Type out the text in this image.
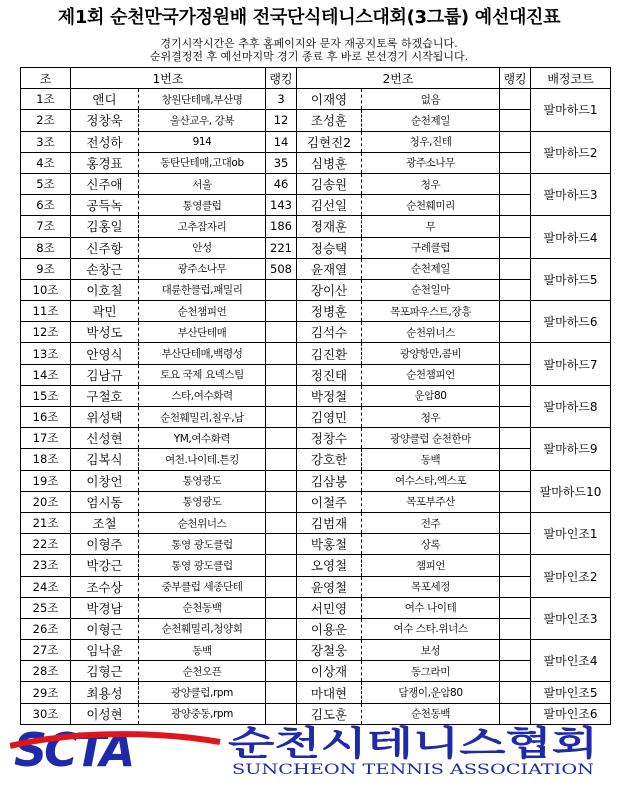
제1회 순천만국가정원배 전국단식테니스대회(3그룹) 예선대진표
경기시작시간은 추후 홈페이지와 문자 재공지토록 하겠습니다.
순위결정전 후 예선마지막 경기 종료 후 바로 본선경기 시작됩니다.
조	1번조		랭킹	2번조		랭킹	배정코트
1조	앤디	창원단테매,부산명	3	이재영	없음		팔마하드1
2조	정창욱	울산교우, 강북	12	조성훈	순천제일		
3조	전성하	914	14	김현진2	청우,진테		팔마하드2
4조	홍경표	동탄단테매,고대ob	35	심병훈	광주소나무		
5조	신주애	서울	46	김송원	청우		팔마하드3
6조	공득녹	통영클럽	143	김선일	순천훼미리		
7조	김홍일	고추잠자리	186	정재훈	무		팔마하드4
8조	신주항	안성	221	정승택	구례클럽		
9조	손창근	광주소나무	508	윤재열	순천제일		팔마하드5
10조	이호칠	대륜한클럽,패밀리		장이산	순천일마		
11조	곽민	순천챔피언		정병훈	목포파우스트,장흥		팔마하드6
12조	박성도	부산단테매		김석수	순천위너스		
13조	안영식	부산단테매,백령성		김진환	광양항만,콤비		팔마하드7
14조	김남규	토요 국제 요넥스팀		정진태	순천챔피언		
15조	구철호	스타,여수화력		박정철	운암80		팔마하드8
16조	위성택	순천훼밀리,칠우,남		김영민	청우		
17조	신성현	YM,여수화력		정창수	광양클럽 순천한마		팔마하드9
18조	김복식	여천.나이테.튼킹		강호한	동백		
19조	이창언	통영광도		김삼봉	여수스타,엑스포		팔마하드10
20조	엄시동	통영광도		이철주	목포부주산		
21조	조철	순천위너스		김범재	전주		팔마인조1
22조	이형주	통영 광도클럽		박홍철	상록		
23조	박강근	통영 광도클럽		오영철	챔피언		팔마인조2
24조	조수상	중부클럽 세종단테		윤영철	목포세정		
25조	박경남	순천동백		서민영	여수 나이테		팔마인조3
26조	이형근	순천훼밀리,청양회		이용운	여수 스타.위너스		
27조	임낙윤	동백		장철웅	보성		팔마인조4
28조	김형근	순천오픈		이상재	동그라미		
29조	최용성	광양클럽,rpm		마대현	담쟁이,운암80		팔마인조5
30조	이성현	광양중동,rpm		김도훈	순천동백		팔마인조6
SCTA	순천시테니스협회
SUNCHEON TENNIS ASSOCIATION
